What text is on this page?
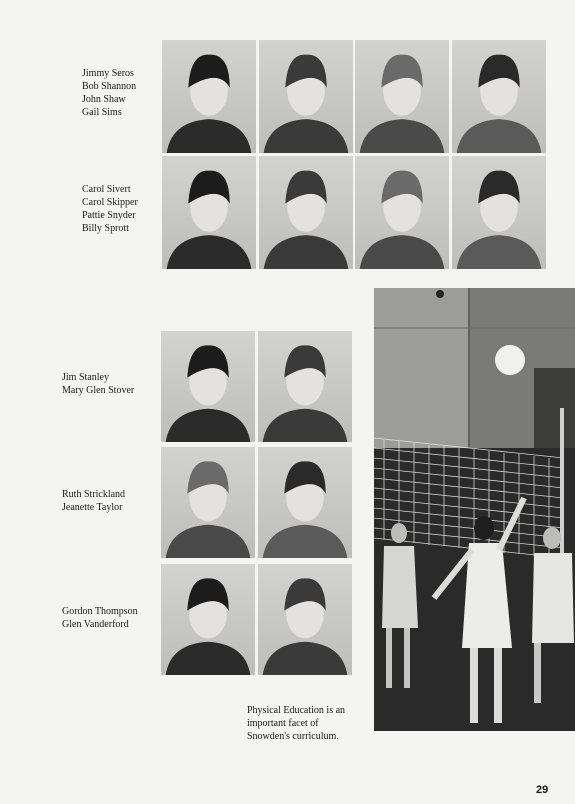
Jimmy Seros
Bob Shannon
John Shaw
Gail Sims
Carol Sivert
Carol Skipper
Pattie Snyder
Billy Sprott
Jim Stanley
Mary Glen Stover
Ruth Strickland
Jeanette Taylor
Gordon Thompson
Glen Vanderford
Physical Education is an
important facet of
Snowden's curriculum.
29
